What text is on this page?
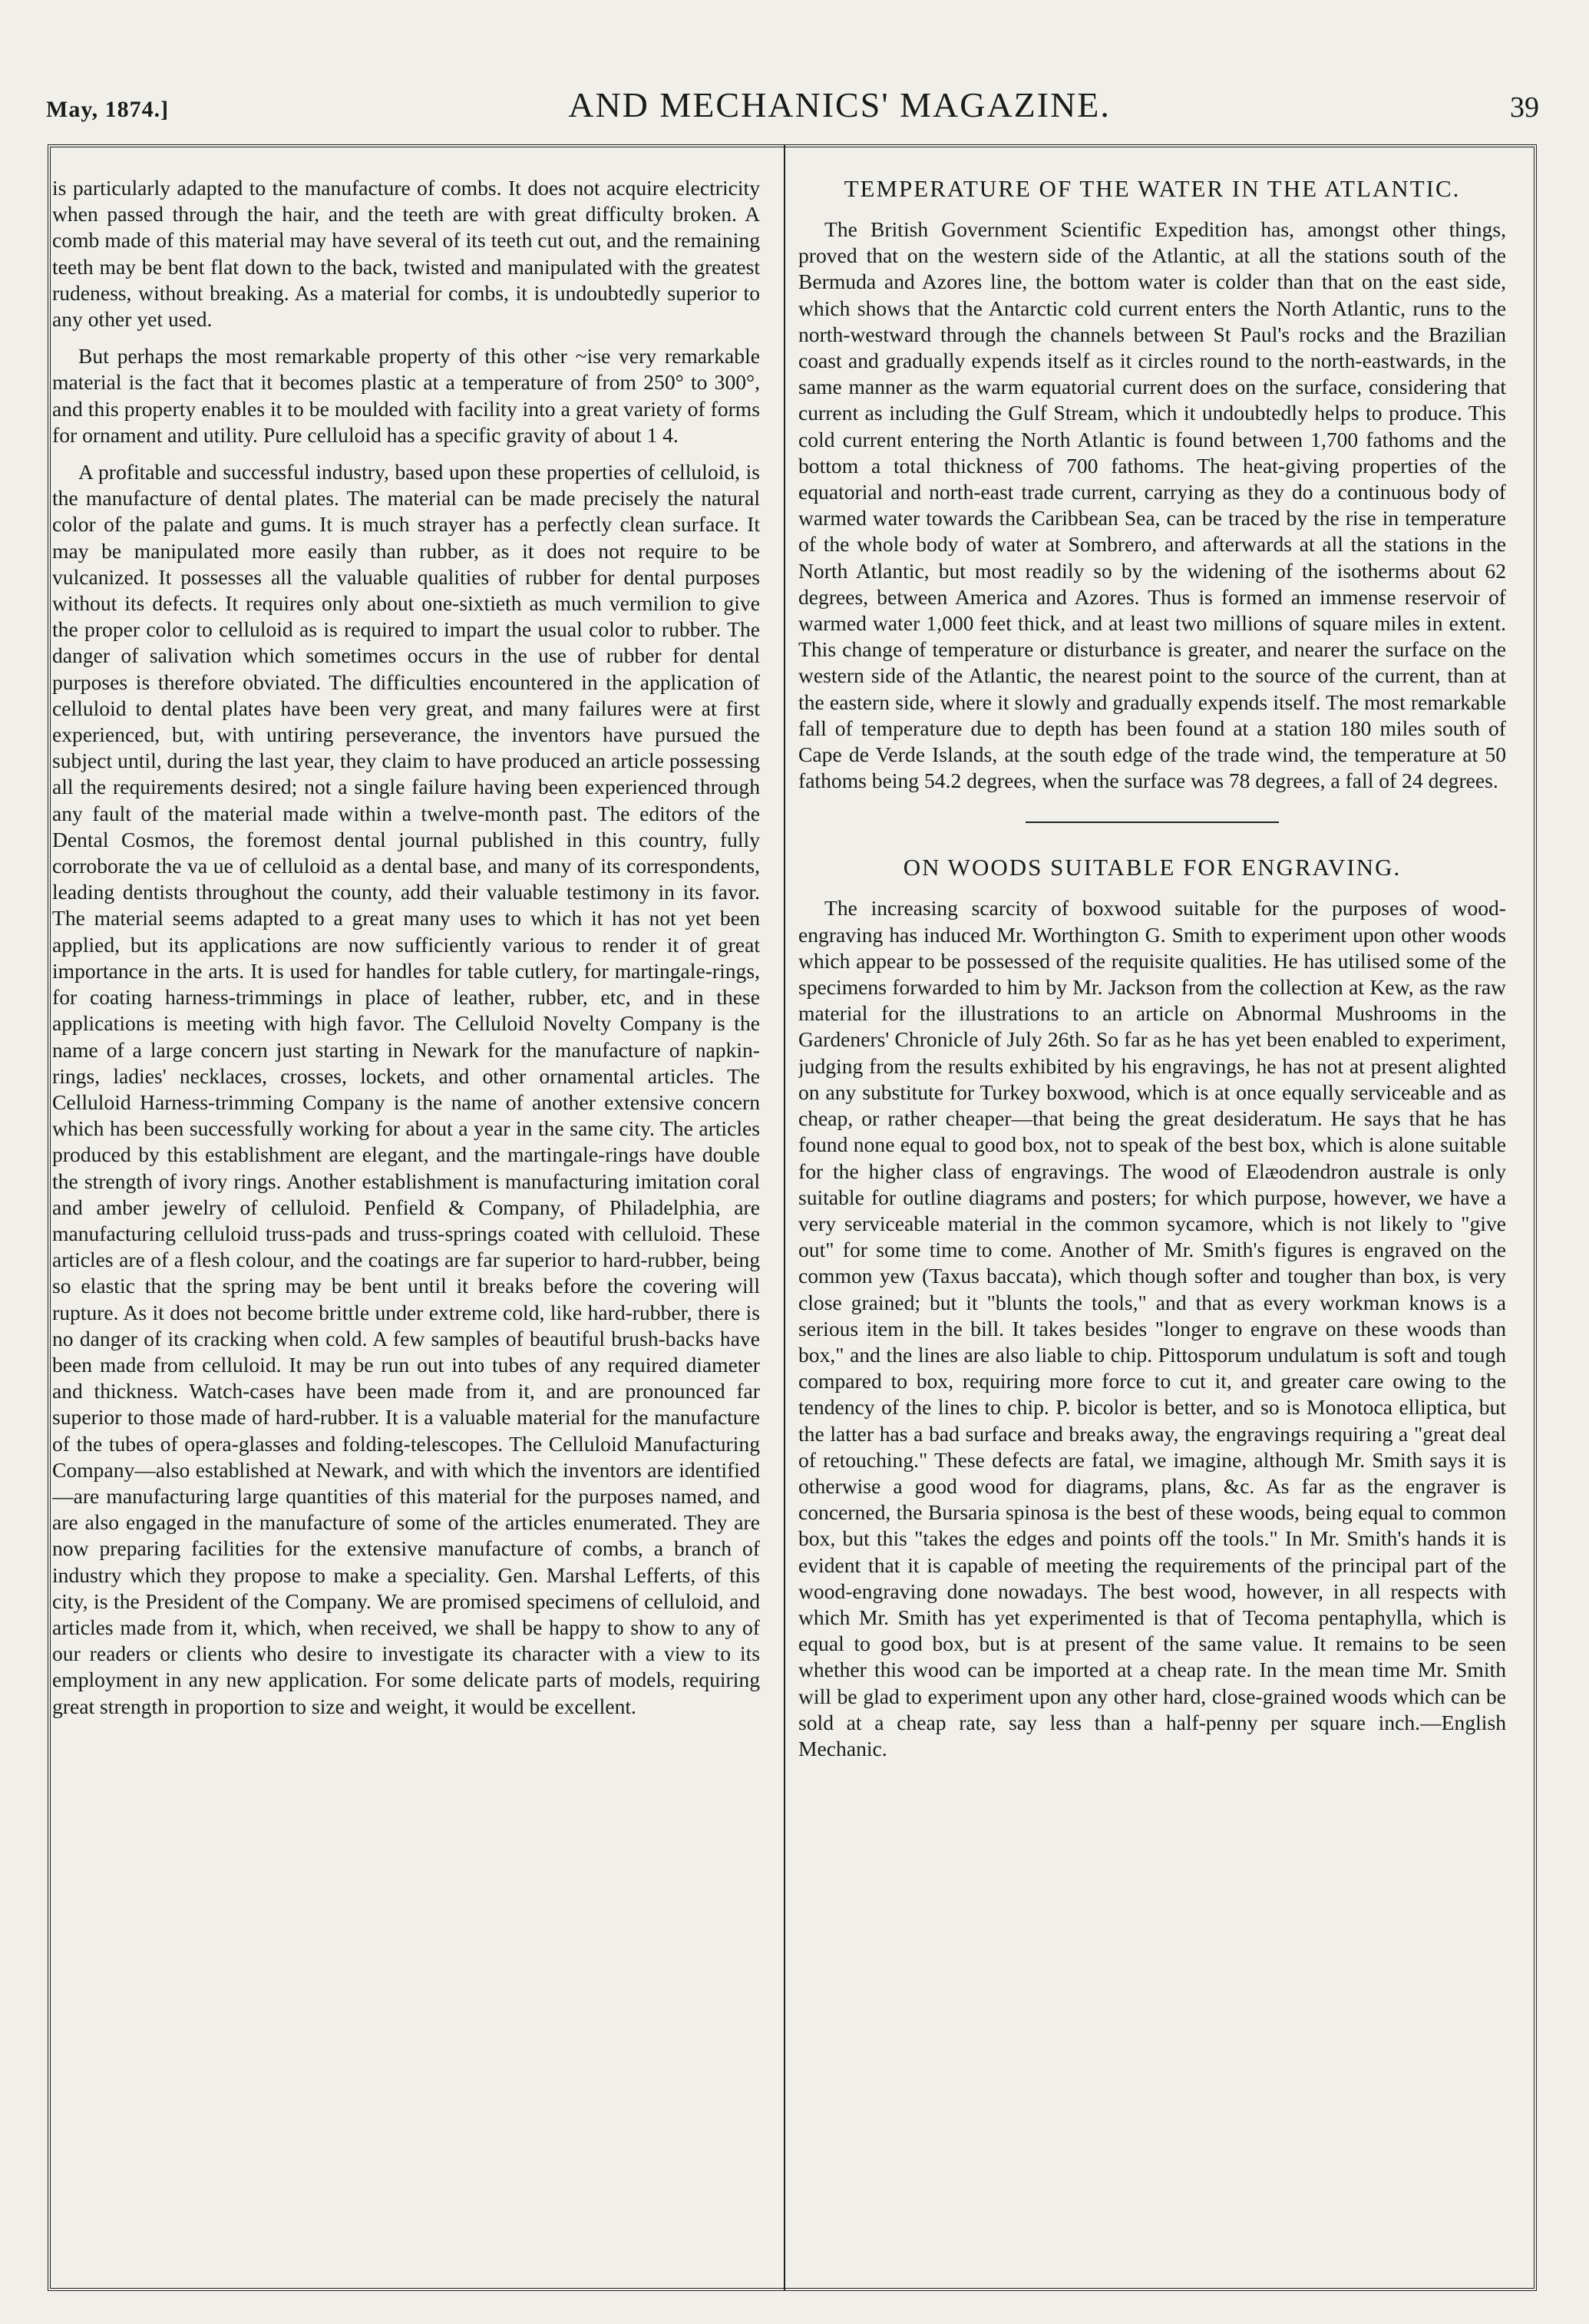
May, 1874.]	AND MECHANICS' MAGAZINE.	39

is particularly adapted to the manufacture of combs. It does not acquire electricity when passed through the hair, and the teeth are with great difficulty broken. A comb made of this material may have several of its teeth cut out, and the remaining teeth may be bent flat down to the back, twisted and manipulated with the greatest rudeness, without breaking. As a material for combs, it is undoubtedly superior to any other yet used.

But perhaps the most remarkable property of this other ~ise very remarkable material is the fact that it becomes plastic at a temperature of from 250° to 300°, and this property enables it to be moulded with facility into a great variety of forms for ornament and utility. Pure celluloid has a specific gravity of about 1 4.

A profitable and successful industry, based upon these properties of celluloid, is the manufacture of dental plates. The material can be made precisely the natural color of the palate and gums. It is much strayer has a perfectly clean surface. It may be manipulated more easily than rubber, as it does not require to be vulcanized. It possesses all the valuable qualities of rubber for dental purposes without its defects. It requires only about one-sixtieth as much vermilion to give the proper color to celluloid as is required to impart the usual color to rubber. The danger of salivation which sometimes occurs in the use of rubber for dental purposes is therefore obviated. The difficulties encountered in the application of celluloid to dental plates have been very great, and many failures were at first experienced, but, with untiring perseverance, the inventors have pursued the subject until, during the last year, they claim to have produced an article possessing all the requirements desired; not a single failure having been experienced through any fault of the material made within a twelve-month past. The editors of the Dental Cosmos, the foremost dental journal published in this country, fully corroborate the va ue of celluloid as a dental base, and many of its correspondents, leading dentists throughout the county, add their valuable testimony in its favor. The material seems adapted to a great many uses to which it has not yet been applied, but its applications are now sufficiently various to render it of great importance in the arts. It is used for handles for table cutlery, for martingale-rings, for coating harness-trimmings in place of leather, rubber, etc, and in these applications is meeting with high favor. The Celluloid Novelty Company is the name of a large concern just starting in Newark for the manufacture of napkin-rings, ladies' necklaces, crosses, lockets, and other ornamental articles. The Celluloid Harness-trimming Company is the name of another extensive concern which has been successfully working for about a year in the same city. The articles produced by this establishment are elegant, and the martingale-rings have double the strength of ivory rings. Another establishment is manufacturing imitation coral and amber jewelry of celluloid. Penfield & Company, of Philadelphia, are manufacturing celluloid truss-pads and truss-springs coated with celluloid. These articles are of a flesh colour, and the coatings are far superior to hard-rubber, being so elastic that the spring may be bent until it breaks before the covering will rupture. As it does not become brittle under extreme cold, like hard-rubber, there is no danger of its cracking when cold. A few samples of beautiful brush-backs have been made from celluloid. It may be run out into tubes of any required diameter and thickness. Watch-cases have been made from it, and are pronounced far superior to those made of hard-rubber. It is a valuable material for the manufacture of the tubes of opera-glasses and folding-telescopes. The Celluloid Manufacturing Company—also established at Newark, and with which the inventors are identified—are manufacturing large quantities of this material for the purposes named, and are also engaged in the manufacture of some of the articles enumerated. They are now preparing facilities for the extensive manufacture of combs, a branch of industry which they propose to make a speciality. Gen. Marshal Lefferts, of this city, is the President of the Company. We are promised specimens of celluloid, and articles made from it, which, when received, we shall be happy to show to any of our readers or clients who desire to investigate its character with a view to its employment in any new application. For some delicate parts of models, requiring great strength in proportion to size and weight, it would be excellent.

TEMPERATURE OF THE WATER IN THE ATLANTIC.

The British Government Scientific Expedition has, amongst other things, proved that on the western side of the Atlantic, at all the stations south of the Bermuda and Azores line, the bottom water is colder than that on the east side, which shows that the Antarctic cold current enters the North Atlantic, runs to the north-westward through the channels between St Paul's rocks and the Brazilian coast and gradually expends itself as it circles round to the north-eastwards, in the same manner as the warm equatorial current does on the surface, considering that current as including the Gulf Stream, which it undoubtedly helps to produce. This cold current entering the North Atlantic is found between 1,700 fathoms and the bottom a total thickness of 700 fathoms. The heat-giving properties of the equatorial and north-east trade current, carrying as they do a continuous body of warmed water towards the Caribbean Sea, can be traced by the rise in temperature of the whole body of water at Sombrero, and afterwards at all the stations in the North Atlantic, but most readily so by the widening of the isotherms about 62 degrees, between America and Azores. Thus is formed an immense reservoir of warmed water 1,000 feet thick, and at least two millions of square miles in extent. This change of temperature or disturbance is greater, and nearer the surface on the western side of the Atlantic, the nearest point to the source of the current, than at the eastern side, where it slowly and gradually expends itself. The most remarkable fall of temperature due to depth has been found at a station 180 miles south of Cape de Verde Islands, at the south edge of the trade wind, the temperature at 50 fathoms being 54.2 degrees, when the surface was 78 degrees, a fall of 24 degrees.

ON WOODS SUITABLE FOR ENGRAVING.

The increasing scarcity of boxwood suitable for the purposes of wood-engraving has induced Mr. Worthington G. Smith to experiment upon other woods which appear to be possessed of the requisite qualities. He has utilised some of the specimens forwarded to him by Mr. Jackson from the collection at Kew, as the raw material for the illustrations to an article on Abnormal Mushrooms in the Gardeners' Chronicle of July 26th. So far as he has yet been enabled to experiment, judging from the results exhibited by his engravings, he has not at present alighted on any substitute for Turkey boxwood, which is at once equally serviceable and as cheap, or rather cheaper—that being the great desideratum. He says that he has found none equal to good box, not to speak of the best box, which is alone suitable for the higher class of engravings. The wood of Elæodendron australe is only suitable for outline diagrams and posters; for which purpose, however, we have a very serviceable material in the common sycamore, which is not likely to "give out" for some time to come. Another of Mr. Smith's figures is engraved on the common yew (Taxus baccata), which though softer and tougher than box, is very close grained; but it "blunts the tools," and that as every workman knows is a serious item in the bill. It takes besides "longer to engrave on these woods than box," and the lines are also liable to chip. Pittosporum undulatum is soft and tough compared to box, requiring more force to cut it, and greater care owing to the tendency of the lines to chip. P. bicolor is better, and so is Monotoca elliptica, but the latter has a bad surface and breaks away, the engravings requiring a "great deal of retouching." These defects are fatal, we imagine, although Mr. Smith says it is otherwise a good wood for diagrams, plans, &c. As far as the engraver is concerned, the Bursaria spinosa is the best of these woods, being equal to common box, but this "takes the edges and points off the tools." In Mr. Smith's hands it is evident that it is capable of meeting the requirements of the principal part of the wood-engraving done nowadays. The best wood, however, in all respects with which Mr. Smith has yet experimented is that of Tecoma pentaphylla, which is equal to good box, but is at present of the same value. It remains to be seen whether this wood can be imported at a cheap rate. In the mean time Mr. Smith will be glad to experiment upon any other hard, close-grained woods which can be sold at a cheap rate, say less than a half-penny per square inch.—English Mechanic.
